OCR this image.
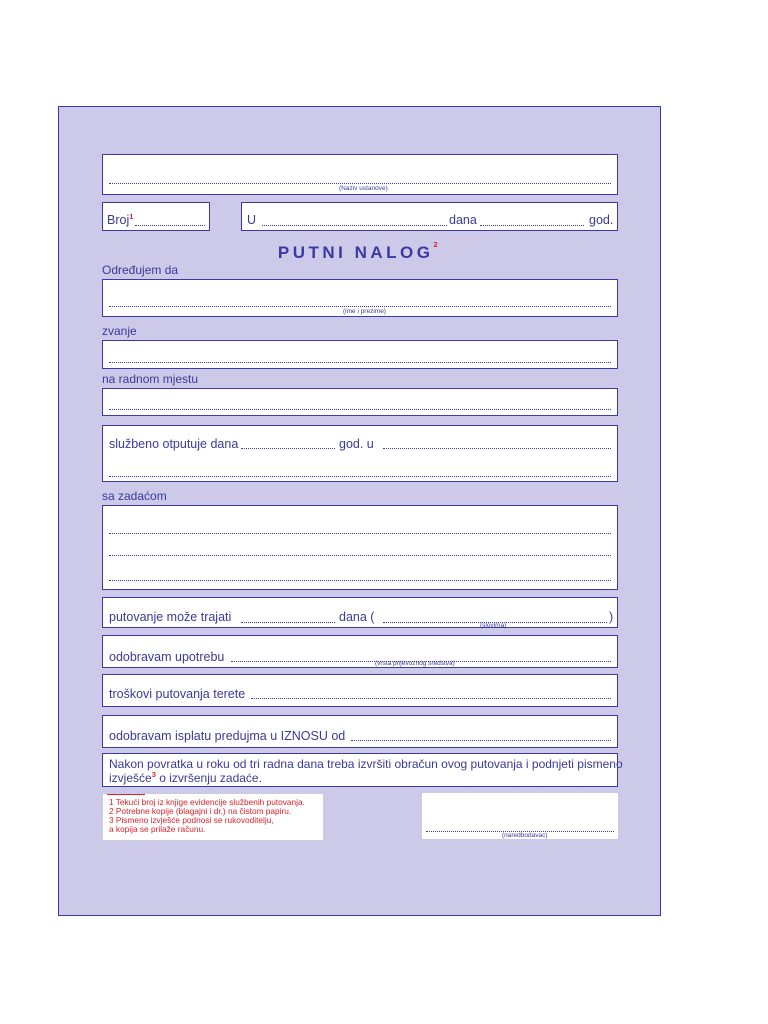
(Naziv ustanove)
Broj$^1$	U	dana	god.
PUTNI NALOG$^2$
Određujem da
(ime i prezime)
zvanje
na radnom mjestu
službeno otputuje dana	god. u
sa zadaćom
putovanje može trajati	dana (	)
(slovima)
odobravam upotrebu	(vrsta prijevoznog sredstva)
troškovi putovanja terete
odobravam isplatu predujma u IZNOSU od
Nakon povratka u roku od tri radna dana treba izvršiti obračun ovog putovanja i podnjeti pismeno
izvješće$^3$ o izvršenju zadaće.
1 Tekući broj iz knjige evidencije službenih putovanja.
2 Potrebne kopije (blagajni i dr.) na čistom papiru.
3 Pismeno izvješće podnosi se rukovoditelju,
a kopija se prilaže računu.
(naredbodavac)
